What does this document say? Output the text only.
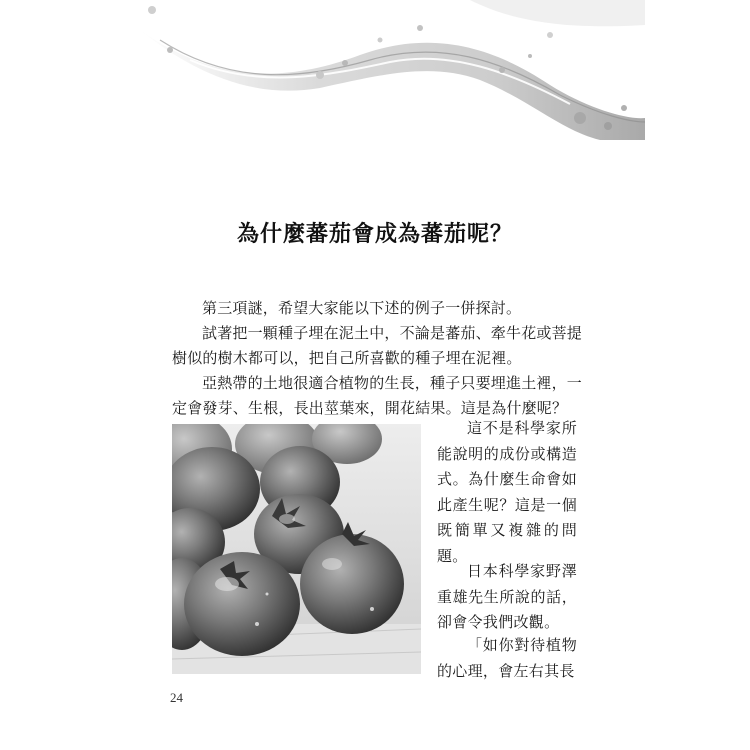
為什麼蕃茄會成為蕃茄呢？

第三項謎，希望大家能以下述的例子一併探討。

試著把一顆種子埋在泥土中，不論是蕃茄、牽牛花或菩提樹似的樹木都可以，把自己所喜歡的種子埋在泥裡。

亞熱帶的土地很適合植物的生長，種子只要埋進土裡，一定會發芽、生根，長出莖葉來，開花結果。這是為什麼呢？

這不是科學家所能說明的成份或構造式。為什麼生命會如此產生呢？這是一個既簡單又複雜的問題。

日本科學家野澤重雄先生所說的話，卻會令我們改觀。

「如你對待植物的心理，會左右其長

24
